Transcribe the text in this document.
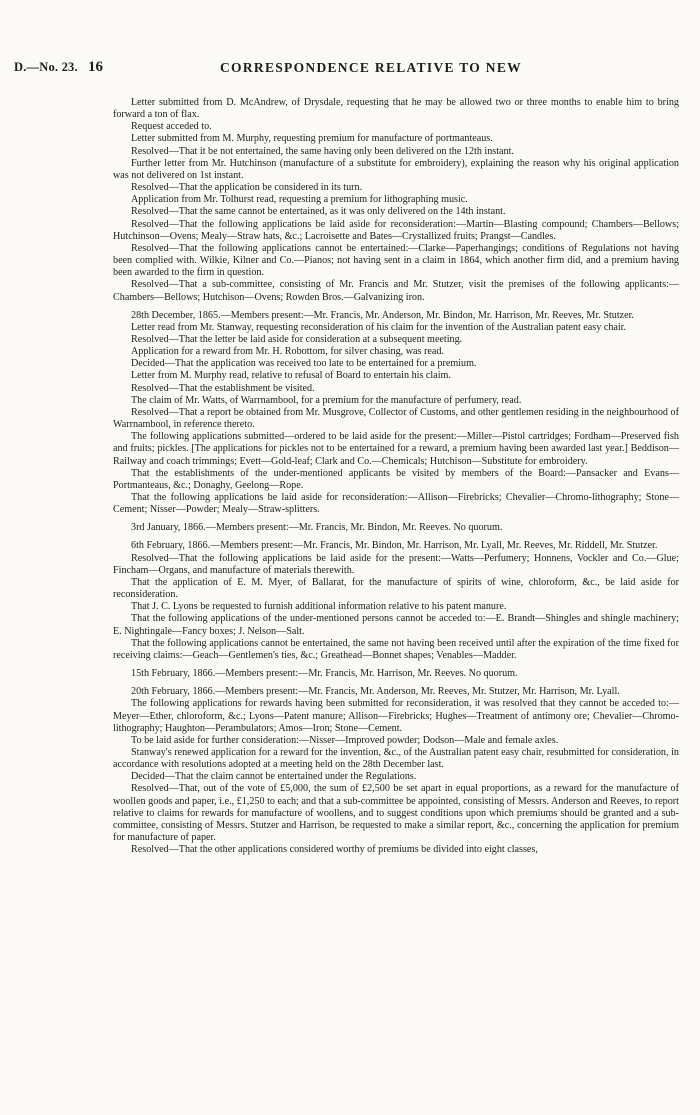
D.—No. 23. 16	CORRESPONDENCE RELATIVE TO NEW

Letter submitted from D. McAndrew, of Drysdale, requesting that he may be allowed two or three months to enable him to bring forward a ton of flax.

Request acceded to.

Letter submitted from M. Murphy, requesting premium for manufacture of portmanteaus.

Resolved—That it be not entertained, the same having only been delivered on the 12th instant.

Further letter from Mr. Hutchinson (manufacture of a substitute for embroidery), explaining the reason why his original application was not delivered on 1st instant.

Resolved—That the application be considered in its turn.

Application from Mr. Tolhurst read, requesting a premium for lithographing music.

Resolved—That the same cannot be entertained, as it was only delivered on the 14th instant.

Resolved—That the following applications be laid aside for reconsideration:—Martin—Blasting compound; Chambers—Bellows; Hutchinson—Ovens; Mealy—Straw hats, &c.; Lacroisette and Bates—Crystallized fruits; Prangst—Candles.

Resolved—That the following applications cannot be entertained:—Clarke—Paperhangings; conditions of Regulations not having been complied with. Wilkie, Kilner and Co.—Pianos; not having sent in a claim in 1864, which another firm did, and a premium having been awarded to the firm in question.

Resolved—That a sub-committee, consisting of Mr. Francis and Mr. Stutzer, visit the premises of the following applicants:—Chambers—Bellows; Hutchison—Ovens; Rowden Bros.—Galvanizing iron.

28th December, 1865.—Members present:—Mr. Francis, Mr. Anderson, Mr. Bindon, Mr. Harrison, Mr. Reeves, Mr. Stutzer.

Letter read from Mr. Stanway, requesting reconsideration of his claim for the invention of the Australian patent easy chair.

Resolved—That the letter be laid aside for consideration at a subsequent meeting.

Application for a reward from Mr. H. Robottom, for silver chasing, was read.

Decided—That the application was received too late to be entertained for a premium.

Letter from M. Murphy read, relative to refusal of Board to entertain his claim.

Resolved—That the establishment be visited.

The claim of Mr. Watts, of Warrnambool, for a premium for the manufacture of perfumery, read.

Resolved—That a report be obtained from Mr. Musgrove, Collector of Customs, and other gentlemen residing in the neighbourhood of Warrnambool, in reference thereto.

The following applications submitted—ordered to be laid aside for the present:—Miller—Pistol cartridges; Fordham—Preserved fish and fruits; pickles. [The applications for pickles not to be entertained for a reward, a premium having been awarded last year.] Beddison—Railway and coach trimmings; Evett—Gold-leaf; Clark and Co.—Chemicals; Hutchison—Substitute for embroidery.

That the establishments of the under-mentioned applicants be visited by members of the Board:—Pansacker and Evans—Portmanteaus, &c.; Donaghy, Geelong—Rope.

That the following applications be laid aside for reconsideration:—Allison—Firebricks; Chevalier—Chromo-lithography; Stone—Cement; Nisser—Powder; Mealy—Straw-splitters.

3rd January, 1866.—Members present:—Mr. Francis, Mr. Bindon, Mr. Reeves. No quorum.

6th February, 1866.—Members present:—Mr. Francis, Mr. Bindon, Mr. Harrison, Mr. Lyall, Mr. Reeves, Mr. Riddell, Mr. Stutzer.

Resolved—That the following applications be laid aside for the present:—Watts—Perfumery; Honnens, Vockler and Co.—Glue; Fincham—Organs, and manufacture of materials therewith.

That the application of E. M. Myer, of Ballarat, for the manufacture of spirits of wine, chloroform, &c., be laid aside for reconsideration.

That J. C. Lyons be requested to furnish additional information relative to his patent manure.

That the following applications of the under-mentioned persons cannot be acceded to:—E. Brandt—Shingles and shingle machinery; E. Nightingale—Fancy boxes; J. Nelson—Salt.

That the following applications cannot be entertained, the same not having been received until after the expiration of the time fixed for receiving claims:—Geach—Gentlemen's ties, &c.; Greathead—Bonnet shapes; Venables—Madder.

15th February, 1866.—Members present:—Mr. Francis, Mr. Harrison, Mr. Reeves. No quorum.

20th February, 1866.—Members present:—Mr. Francis, Mr. Anderson, Mr. Reeves, Mr. Stutzer, Mr. Harrison, Mr. Lyall.

The following applications for rewards having been submitted for reconsideration, it was resolved that they cannot be acceded to:—Meyer—Ether, chloroform, &c.; Lyons—Patent manure; Allison—Firebricks; Hughes—Treatment of antimony ore; Chevalier—Chromo-lithography; Haughton—Perambulators; Amos—Iron; Stone—Cement.

To be laid aside for further consideration:—Nisser—Improved powder; Dodson—Male and female axles.

Stanway's renewed application for a reward for the invention, &c., of the Australian patent easy chair, resubmitted for consideration, in accordance with resolutions adopted at a meeting held on the 28th December last.

Decided—That the claim cannot be entertained under the Regulations.

Resolved—That, out of the vote of £5,000, the sum of £2,500 be set apart in equal proportions, as a reward for the manufacture of woollen goods and paper, i.e., £1,250 to each; and that a sub-committee be appointed, consisting of Messrs. Anderson and Reeves, to report relative to claims for rewards for manufacture of woollens, and to suggest conditions upon which premiums should be granted and a sub-committee, consisting of Messrs. Stutzer and Harrison, be requested to make a similar report, &c., concerning the application for premium for manufacture of paper.

Resolved—That the other applications considered worthy of premiums be divided into eight classes,
